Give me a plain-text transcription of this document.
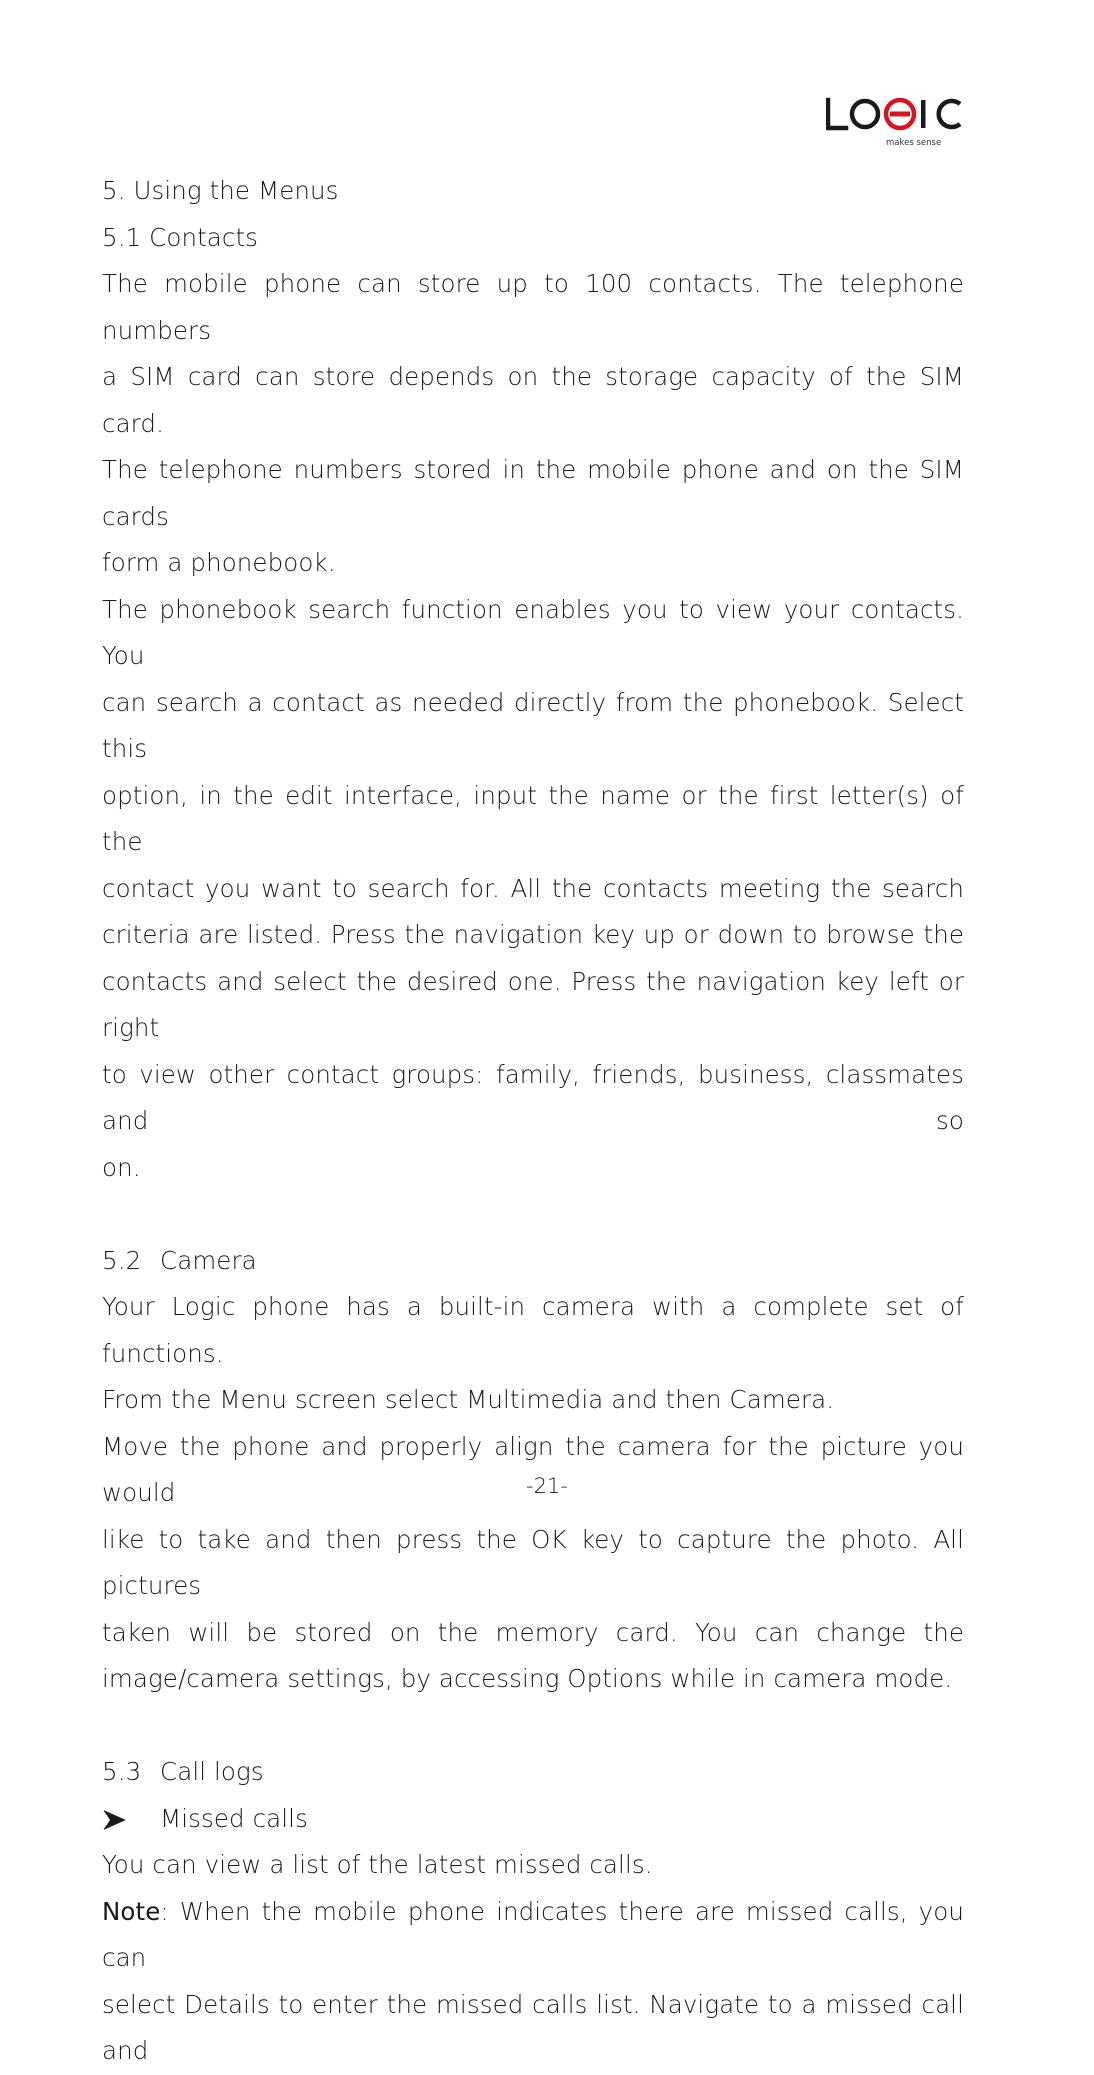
makes sense
5. Using the Menus
5.1 Contacts
The mobile phone can store up to 100 contacts. The telephone numbers
a SIM card can store depends on the storage capacity of the SIM card.
The telephone numbers stored in the mobile phone and on the SIM cards
form a phonebook.
The phonebook search function enables you to view your contacts. You
can search a contact as needed directly from the phonebook. Select this
option, in the edit interface, input the name or the first letter(s) of the
contact you want to search for. All the contacts meeting the search
criteria are listed. Press the navigation key up or down to browse the
contacts and select the desired one. Press the navigation key left or right
to view other contact groups: family, friends, business, classmates and so
on.
5.2 Camera
Your Logic phone has a built-in camera with a complete set of functions.
From the Menu screen select Multimedia and then Camera.
Move the phone and properly align the camera for the picture you would
like to take and then press the OK key to capture the photo. All pictures
taken will be stored on the memory card. You can change the
image/camera settings, by accessing Options while in camera mode.
5.3 Call logs
Missed calls
You can view a list of the latest missed calls.
Note: When the mobile phone indicates there are missed calls, you can
select Details to enter the missed calls list. Navigate to a missed call and
-21-
